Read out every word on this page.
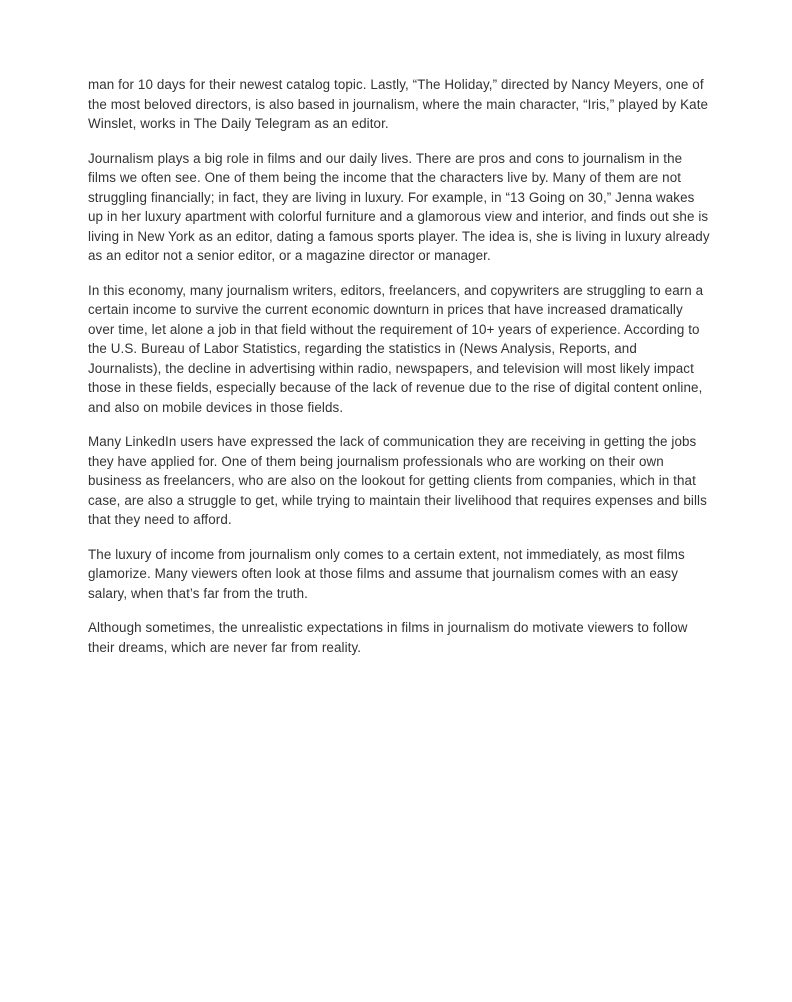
man for 10 days for their newest catalog topic. Lastly, “The Holiday,” directed by Nancy Meyers, one of the most beloved directors, is also based in journalism, where the main character, “Iris,” played by Kate Winslet, works in The Daily Telegram as an editor.

Journalism plays a big role in films and our daily lives. There are pros and cons to journalism in the films we often see. One of them being the income that the characters live by. Many of them are not struggling financially; in fact, they are living in luxury. For example, in “13 Going on 30,” Jenna wakes up in her luxury apartment with colorful furniture and a glamorous view and interior, and finds out she is living in New York as an editor, dating a famous sports player. The idea is, she is living in luxury already as an editor not a senior editor, or a magazine director or manager.

In this economy, many journalism writers, editors, freelancers, and copywriters are struggling to earn a certain income to survive the current economic downturn in prices that have increased dramatically over time, let alone a job in that field without the requirement of 10+ years of experience. According to the U.S. Bureau of Labor Statistics, regarding the statistics in (News Analysis, Reports, and Journalists), the decline in advertising within radio, newspapers, and television will most likely impact those in these fields, especially because of the lack of revenue due to the rise of digital content online, and also on mobile devices in those fields.

Many LinkedIn users have expressed the lack of communication they are receiving in getting the jobs they have applied for. One of them being journalism professionals who are working on their own business as freelancers, who are also on the lookout for getting clients from companies, which in that case, are also a struggle to get, while trying to maintain their livelihood that requires expenses and bills that they need to afford.

The luxury of income from journalism only comes to a certain extent, not immediately, as most films glamorize. Many viewers often look at those films and assume that journalism comes with an easy salary, when that’s far from the truth.

Although sometimes, the unrealistic expectations in films in journalism do motivate viewers to follow their dreams, which are never far from reality.
